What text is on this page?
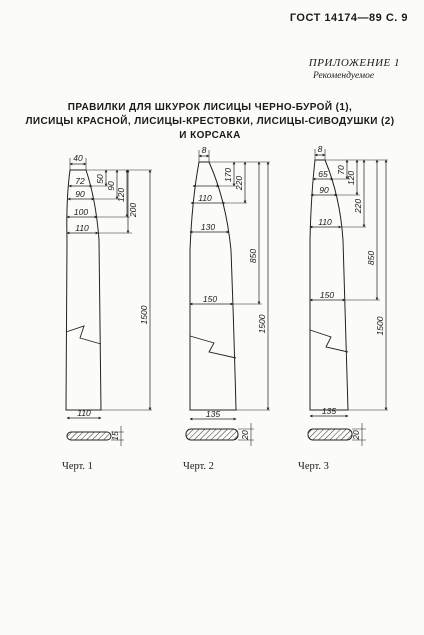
ГОСТ 14174—89 С. 9
ПРИЛОЖЕНИЕ 1
Рекомендуемое
ПРАВИЛКИ ДЛЯ ШКУРОК ЛИСИЦЫ ЧЕРНО-БУРОЙ (1),
ЛИСИЦЫ КРАСНОЙ, ЛИСИЦЫ-КРЕСТОВКИ, ЛИСИЦЫ-СИВОДУШКИ (2)
И КОРСАКА
40
72
90
100
110
50
90
120
200
1500
110
15
8
110
130
150
170
220
850
1500
135
20
8
65
90
110
150
70
120
220
850
1500
135
20
Черт. 1	Черт. 2	Черт. 3
